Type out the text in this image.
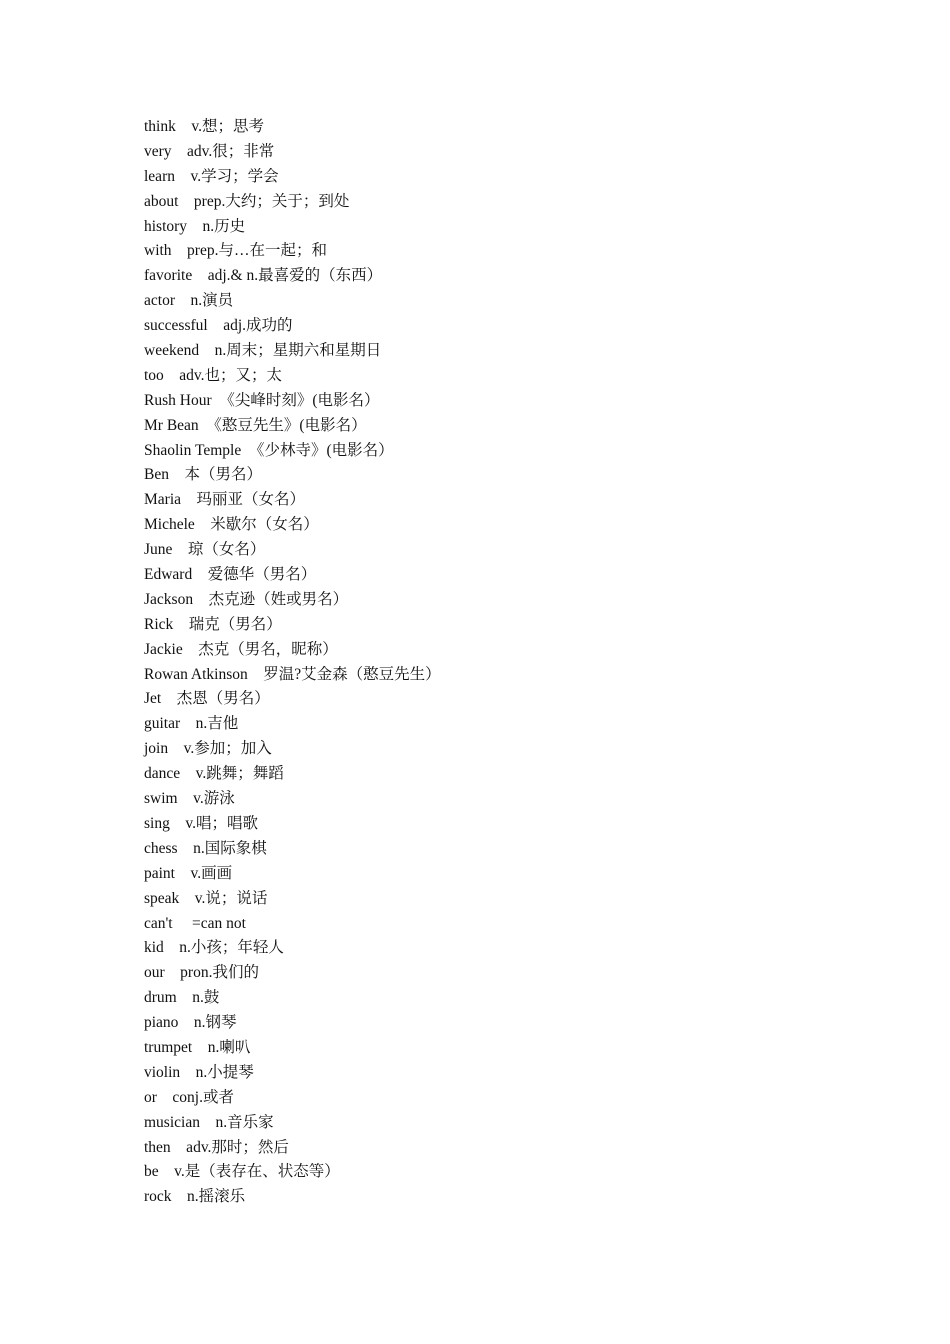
think　v.想；思考
very　adv.很；非常
learn　v.学习；学会
about　prep.大约；关于；到处
history　n.历史
with　prep.与…在一起；和
favorite　adj.& n.最喜爱的（东西）
actor　n.演员
successful　adj.成功的
weekend　n.周末；星期六和星期日
too　adv.也；又；太
Rush Hour　《尖峰时刻》(电影名）
Mr Bean　《憨豆先生》(电影名）
Shaolin Temple　《少林寺》(电影名）
Ben　本（男名）
Maria　玛丽亚（女名）
Michele　米歇尔（女名）
June　琼（女名）
Edward　爱德华（男名）
Jackson　杰克逊（姓或男名）
Rick　瑞克（男名）
Jackie　杰克（男名，昵称）
Rowan Atkinson　罗温?艾金森（憨豆先生）
Jet　杰恩（男名）
guitar　n.吉他
join　v.参加；加入
dance　v.跳舞；舞蹈
swim　v.游泳
sing　v.唱；唱歌
chess　n.国际象棋
paint　v.画画
speak　v.说；说话
can't　 =can not
kid　n.小孩；年轻人
our　pron.我们的
drum　n.鼓
piano　n.钢琴
trumpet　n.喇叭
violin　n.小提琴
or　conj.或者
musician　n.音乐家
then　adv.那时；然后
be　v.是（表存在、状态等）
rock　n.摇滚乐
